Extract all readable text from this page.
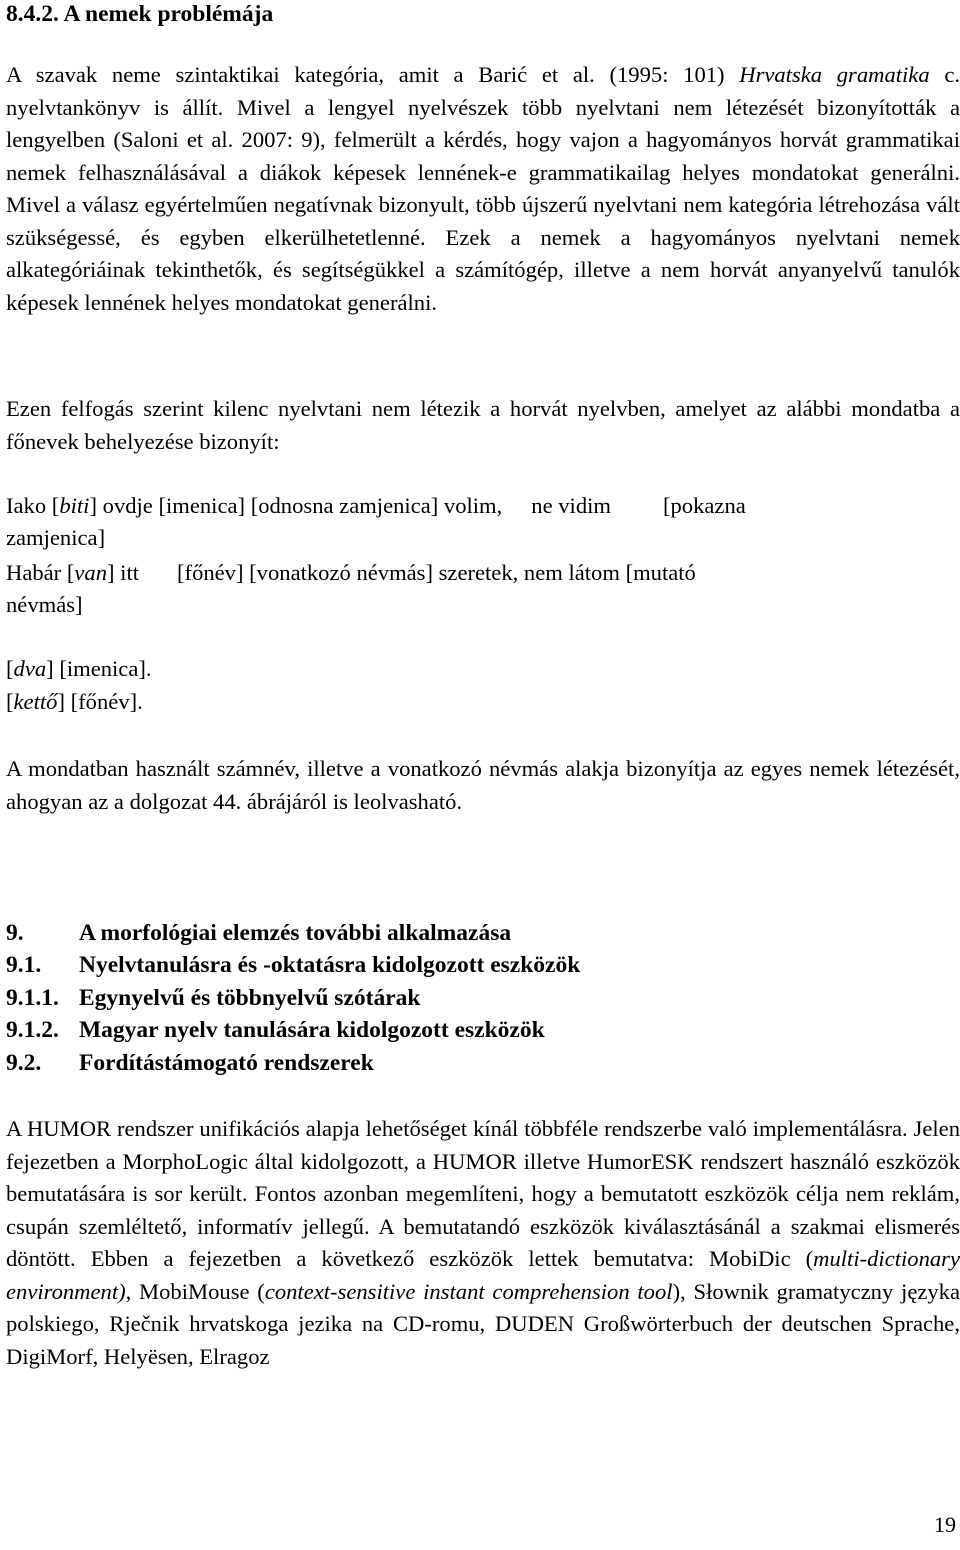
8.4.2. A nemek problémája

A szavak neme szintaktikai kategória, amit a Barić et al. (1995: 101) Hrvatska gramatika c. nyelvtankönyv is állít. Mivel a lengyel nyelvészek több nyelvtani nem létezését bizonyították a lengyelben (Saloni et al. 2007: 9), felmerült a kérdés, hogy vajon a hagyományos horvát grammatikai nemek felhasználásával a diákok képesek lennének-e grammatikailag helyes mondatokat generálni. Mivel a válasz egyértelműen negatívnak bizonyult, több újszerű nyelvtani nem kategória létrehozása vált szükségessé, és egyben elkerülhetetlenné. Ezek a nemek a hagyományos nyelvtani nemek alkategóriáinak tekinthetők, és segítségükkel a számítógép, illetve a nem horvát anyanyelvű tanulók képesek lennének helyes mondatokat generálni.

Ezen felfogás szerint kilenc nyelvtani nem létezik a horvát nyelvben, amelyet az alábbi mondatba a főnevek behelyezése bizonyít:

Iako [biti] ovdje [imenica] [odnosna zamjenica] volim, ne vidim [pokazna
zamjenica]
Habár [van] itt [főnév] [vonatkozó névmás] szeretek, nem látom [mutató
névmás]
[dva] [imenica].
[kettő] [főnév].

A mondatban használt számnév, illetve a vonatkozó névmás alakja bizonyítja az egyes nemek létezését, ahogyan az a dolgozat 44. ábrájáról is leolvasható.

9. A morfológiai elemzés további alkalmazása
9.1. Nyelvtanulásra és -oktatásra kidolgozott eszközök
9.1.1. Egynyelvű és többnyelvű szótárak
9.1.2. Magyar nyelv tanulására kidolgozott eszközök
9.2. Fordítástámogató rendszerek

A HUMOR rendszer unifikációs alapja lehetőséget kínál többféle rendszerbe való implementálásra. Jelen fejezetben a MorphoLogic által kidolgozott, a HUMOR illetve HumorESK rendszert használó eszközök bemutatására is sor került. Fontos azonban megemlíteni, hogy a bemutatott eszközök célja nem reklám, csupán szemléltető, informatív jellegű. A bemutatandó eszközök kiválasztásánál a szakmai elismerés döntött. Ebben a fejezetben a következő eszközök lettek bemutatva: MobiDic (multi-dictionary environment), MobiMouse (context-sensitive instant comprehension tool), Słownik gramatyczny języka polskiego, Rječnik hrvatskoga jezika na CD-romu, DUDEN Großwörterbuch der deutschen Sprache, DigiMorf, Helyësen, Elragoz

19
